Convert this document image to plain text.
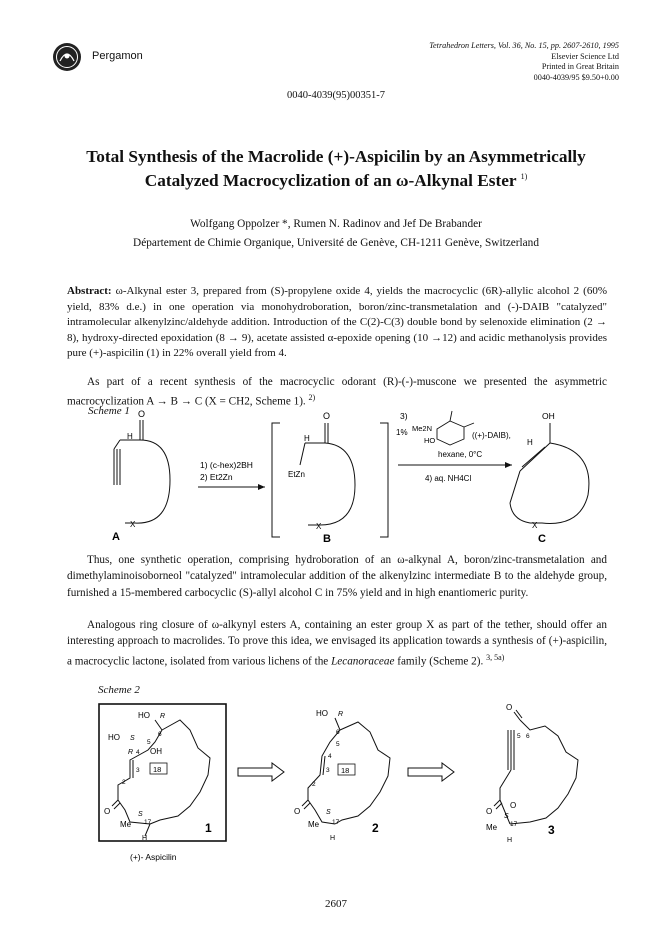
Pergamon
Tetrahedron Letters, Vol. 36, No. 15, pp. 2607-2610, 1995
Elsevier Science Ltd
Printed in Great Britain
0040-4039/95 $9.50+0.00
0040-4039(95)00351-7
Total Synthesis of the Macrolide (+)-Aspicilin by an Asymmetrically
Catalyzed Macrocyclization of an ω-Alkynal Ester $^{1)}$
Wolfgang Oppolzer *, Rumen N. Radinov and Jef De Brabander
Département de Chimie Organique, Université de Genève, CH-1211 Genève, Switzerland
Abstract: ω-Alkynal ester 3, prepared from (S)-propylene oxide 4, yields the macrocyclic (6R)-allylic alcohol 2 (60% yield, 83% d.e.) in one operation via monohydroboration, boron/zinc-transmetalation and (-)-DAIB "catalyzed" intramolecular alkenylzinc/aldehyde addition. Introduction of the C(2)-C(3) double bond by selenoxide elimination (2 → 8), hydroxy-directed epoxidation (8 → 9), acetate assisted α-epoxide opening (10 →12) and acidic methanolysis provides pure (+)-aspicilin (1) in 22% overall yield from 4.
As part of a recent synthesis of the macrocyclic odorant (R)-(-)-muscone we presented the asymmetric macrocyclization A → B → C (X = CH2, Scheme 1). $^{2)}$
Scheme 1 O
H
X
A
1) (c-hex)2BH
2) Et2Zn
O
H
EtZn
X
B
3)
1% Me2N
HO
((+)-DAIB),
hexane, 0°C
4) aq. NH4Cl
OH
H
X
C
Thus, one synthetic operation, comprising hydroboration of an ω-alkynal A, boron/zinc-transmetalation and dimethylaminoisoborneol "catalyzed" intramolecular addition of the alkenylzinc intermediate B to the aldehyde group, furnished a 15-membered carbocyclic (S)-allyl alcohol C in 75% yield and in high enantiomeric purity.
Analogous ring closure of ω-alkynyl esters A, containing an ester group X as part of the tether, should offer an interesting approach to macrolides. To prove this idea, we envisaged its application towards a synthesis of (+)-aspicilin, a macrocyclic lactone, isolated from various lichens of the Lecanoraceae family (Scheme 2). $^{3, 5a)}$
Scheme 2
HO R
6
HO S
5
R 4 OH
3 18
2
O	S
17
Me
H
1
(+)- Aspicilin
HO R
6
5
4
3 18
2
O	S
17
Me
H
2
O
5 6
O
O
S
17
Me
H
3
2607
